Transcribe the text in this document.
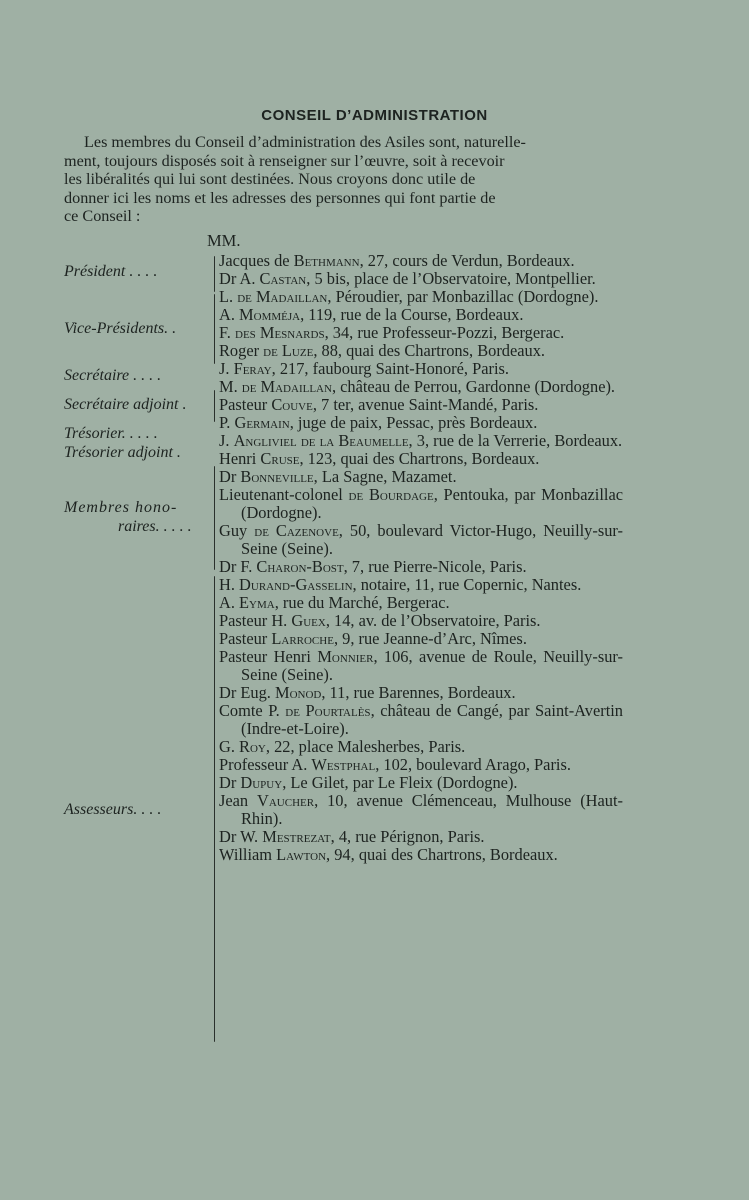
CONSEIL D’ADMINISTRATION
Les membres du Conseil d’administration des Asiles sont, naturelle-
ment, toujours disposés soit à renseigner sur l’œuvre, soit à recevoir
les libéralités qui lui sont destinées. Nous croyons donc utile de
donner ici les noms et les adresses des personnes qui font partie de
ce Conseil :
MM.
Président . . . .
Vice-Présidents. .
Secrétaire . . . .
Secrétaire adjoint .
Trésorier. . . . .
Trésorier adjoint .
Membres hono-
raires. . . . .
Assesseurs. . . .
Jacques de Bethmann, 27, cours de Verdun, Bordeaux.
Dr A. Castan, 5 bis, place de l’Observatoire, Montpellier.
L. de Madaillan, Péroudier, par Monbazillac (Dordogne).
A. Momméja, 119, rue de la Course, Bordeaux.
F. des Mesnards, 34, rue Professeur-Pozzi, Bergerac.
Roger de Luze, 88, quai des Chartrons, Bordeaux.
J. Feray, 217, faubourg Saint-Honoré, Paris.
M. de Madaillan, château de Perrou, Gardonne (Dordogne).
Pasteur Couve, 7 ter, avenue Saint-Mandé, Paris.
P. Germain, juge de paix, Pessac, près Bordeaux.
J. Angliviel de la Beaumelle, 3, rue de la Verrerie, Bordeaux.
Henri Cruse, 123, quai des Chartrons, Bordeaux.
Dr Bonneville, La Sagne, Mazamet.
Lieutenant-colonel de Bourdage, Pentouka, par Monbazillac (Dordogne).
Guy de Cazenove, 50, boulevard Victor-Hugo, Neuilly-sur-Seine (Seine).
Dr F. Charon-Bost, 7, rue Pierre-Nicole, Paris.
H. Durand-Gasselin, notaire, 11, rue Copernic, Nantes.
A. Eyma, rue du Marché, Bergerac.
Pasteur H. Guex, 14, av. de l’Observatoire, Paris.
Pasteur Larroche, 9, rue Jeanne-d’Arc, Nîmes.
Pasteur Henri Monnier, 106, avenue de Roule, Neuilly-sur-Seine (Seine).
Dr Eug. Monod, 11, rue Barennes, Bordeaux.
Comte P. de Pourtalès, château de Cangé, par Saint-Avertin (Indre-et-Loire).
G. Roy, 22, place Malesherbes, Paris.
Professeur A. Westphal, 102, boulevard Arago, Paris.
Dr Dupuy, Le Gilet, par Le Fleix (Dordogne).
Jean Vaucher, 10, avenue Clémenceau, Mulhouse (Haut-Rhin).
Dr W. Mestrezat, 4, rue Pérignon, Paris.
William Lawton, 94, quai des Chartrons, Bordeaux.
